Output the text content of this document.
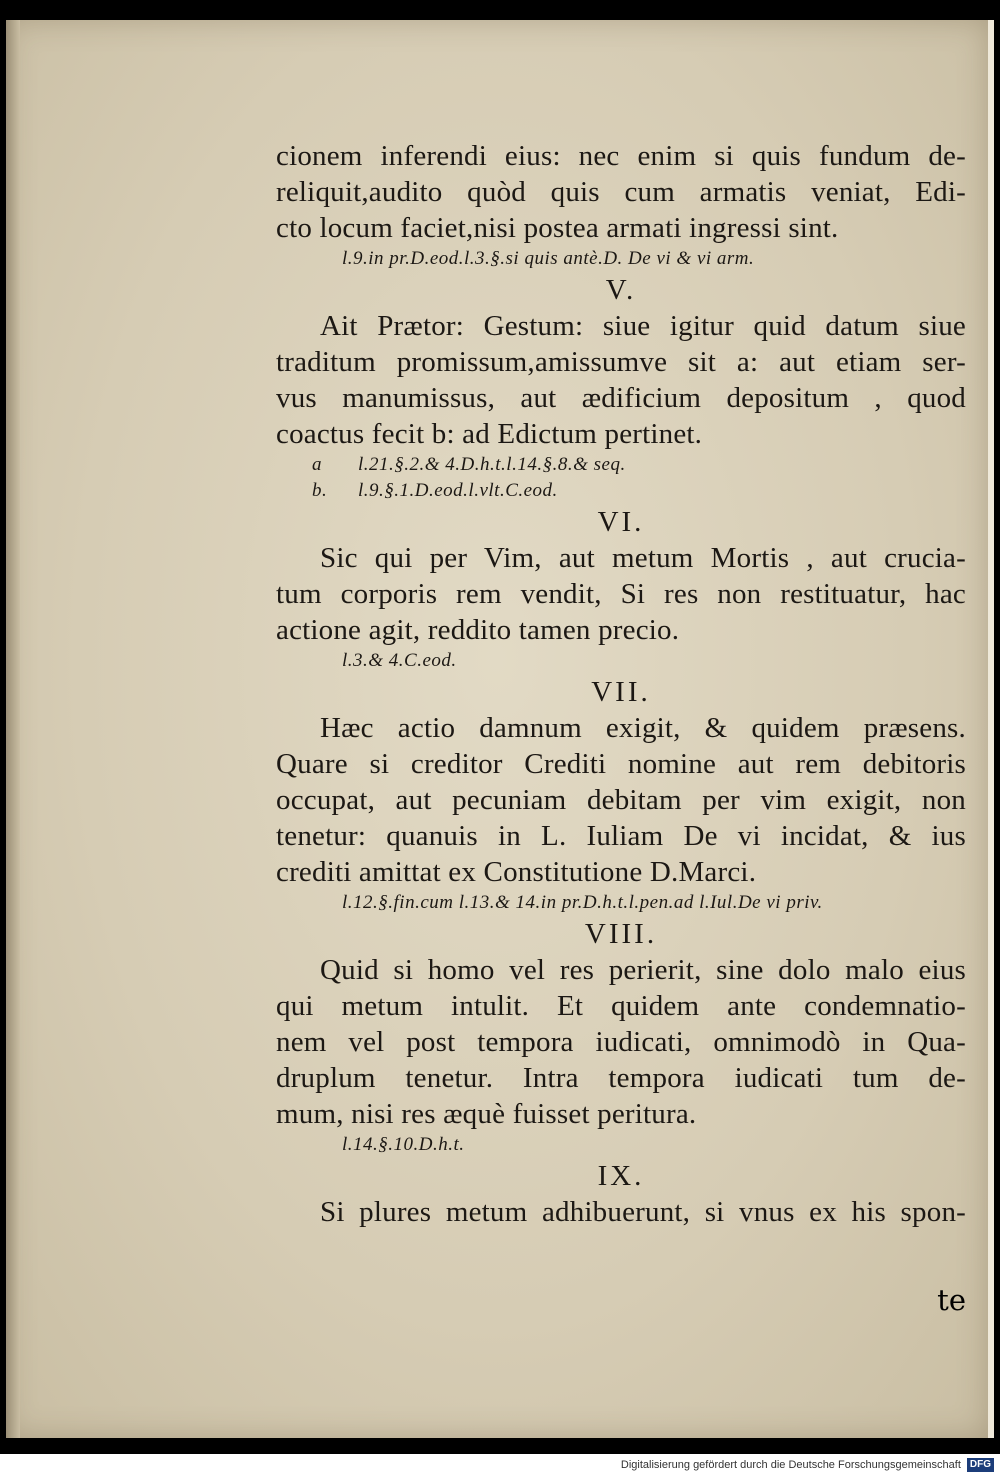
cionem inferendi eius: nec enim si quis fundum de-
reliquit,audito quòd quis cum armatis veniat, Edi-
cto locum faciet,nisi postea armati ingressi sint.
l.9.in pr.D.eod.l.3.§.si quis antè.D. De vi & vi arm.
V.
Ait Prætor: Gestum: siue igitur quid datum siue
traditum promissum,amissumve sit a: aut etiam ser-
vus manumissus, aut ædificium depositum , quod
coactus fecit b: ad Edictum pertinet.
a l.21.§.2.& 4.D.h.t.l.14.§.8.& seq.
b. l.9.§.1.D.eod.l.vlt.C.eod.
VI.
Sic qui per Vim, aut metum Mortis , aut crucia-
tum corporis rem vendit, Si res non restituatur, hac
actione agit, reddito tamen precio.
l.3.& 4.C.eod.
VII.
Hæc actio damnum exigit, & quidem præsens.
Quare si creditor Crediti nomine aut rem debitoris
occupat, aut pecuniam debitam per vim exigit, non
tenetur: quanuis in L. Iuliam De vi incidat, & ius
crediti amittat ex Constitutione D.Marci.
l.12.§.fin.cum l.13.& 14.in pr.D.h.t.l.pen.ad l.Iul.De vi priv.
VIII.
Quid si homo vel res perierit, sine dolo malo eius
qui metum intulit. Et quidem ante condemnatio-
nem vel post tempora iudicati, omnimodò in Qua-
druplum tenetur. Intra tempora iudicati tum de-
mum, nisi res æquè fuisset peritura.
l.14.§.10.D.h.t.
IX.
Si plures metum adhibuerunt, si vnus ex his spon-
te
Digitalisierung gefördert durch die Deutsche Forschungsgemeinschaft DFG
